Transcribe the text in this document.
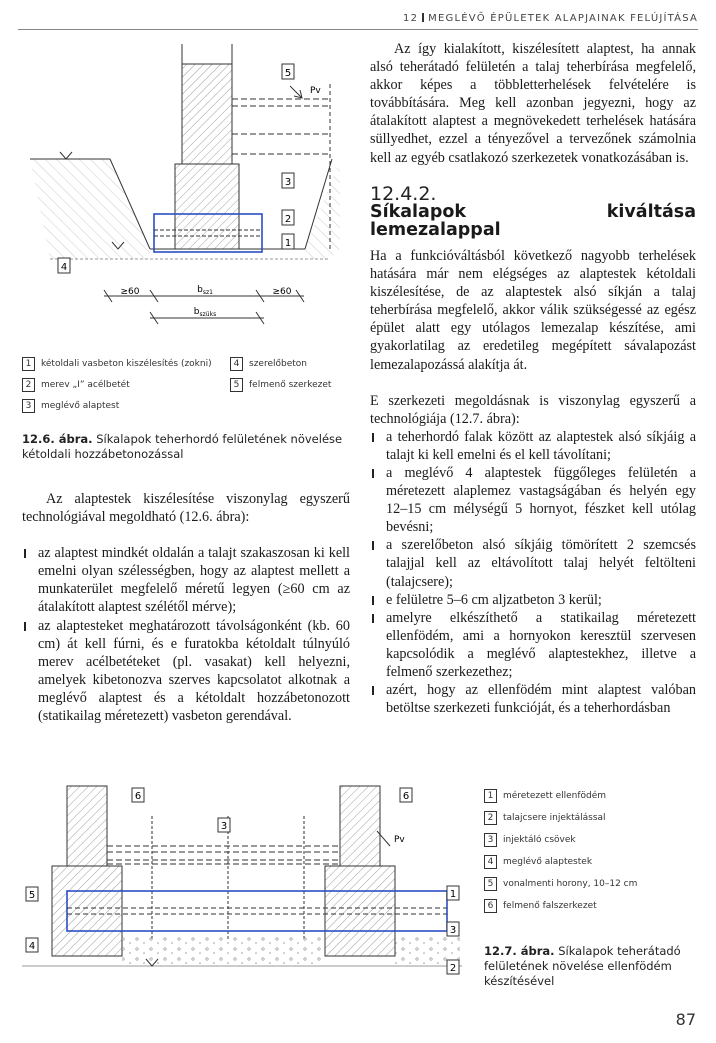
12 MEGLÉVŐ ÉPÜLETEK ALAPJAINAK FELÚJÍTÁSA
5
Pv
3
2
1
4
≥60	$b_{sz1}$	≥60
$b_{szüks}$
1	kétoldali vasbeton kiszélesítés (zokni)
2	merev „I” acélbetét
3	meglévő alaptest
4	szerelőbeton
5	felmenő szerkezet
12.6. ábra. Síkalapok teherhordó felületének növelése kétoldali hozzábetonozással

Az alaptestek kiszélesítése viszonylag egyszerű technológiával megoldható (12.6. ábra):

az alaptest mindkét oldalán a talajt szakaszosan ki kell emelni olyan szélességben, hogy az alaptest mellett a munkaterület megfelelő méretű legyen (≥60 cm az átalakított alaptest szélétől mérve);
az alaptesteket meghatározott távolságonként (kb. 60 cm) át kell fúrni, és e furatokba kétoldalt túlnyúló merev acélbetéteket (pl. vasakat) kell helyezni, amelyek kibetonozva szerves kapcsolatot alkotnak a meglévő alaptest és a kétoldalt hozzábetonozott (statikailag méretezett) vasbeton gerendával.

Az így kialakított, kiszélesített alaptest, ha annak alsó teherátadó felületén a talaj teherbírása megfelelő, akkor képes a többletterhelések felvételére is továbbítására. Meg kell azonban jegyezni, hogy az átalakított alaptest a megnövekedett terhelések hatására süllyedhet, ezzel a tényezővel a tervezőnek számolnia kell az egyéb csatlakozó szerkezetek vonatkozásában is.

12.4.2.
Síkalapok kiváltása lemezalappal

Ha a funkcióváltásból következő nagyobb terhelések hatására már nem elégséges az alaptestek kétoldali kiszélesítése, de az alaptestek alsó síkján a talaj teherbírása megfelelő, akkor válik szükségessé az egész épület alatt egy utólagos lemezalap készítése, ami gyakorlatilag az eredetileg megépített sávalapozást lemezalapozássá alakítja át.

E szerkezeti megoldásnak is viszonylag egyszerű a technológiája (12.7. ábra):

a teherhordó falak között az alaptestek alsó síkjáig a talajt ki kell emelni és el kell távolítani;
a meglévő 4 alaptestek függőleges felületén a méretezett alaplemez vastagságában és helyén egy 12–15 cm mélységű 5 hornyot, fészket kell utólag bevésni;
a szerelőbeton alsó síkjáig tömörített 2 szemcsés talajjal kell az eltávolított talaj helyét feltölteni (talajcsere);
e felületre 5–6 cm aljzatbeton 3 kerül;
amelyre elkészíthető a statikailag méretezett ellenfödém, ami a hornyokon keresztül szervesen kapcsolódik a meglévő alaptestekhez, illetve a felmenő szerkezethez;
azért, hogy az ellenfödém mint alaptest valóban betöltse szerkezeti funkcióját, és a teherhordásban
6	6
3
Pv
5	1
4
3
2
1	méretezett ellenfödém
2	talajcsere injektálással
3	injektáló csövek
4	meglévő alaptestek
5	vonalmenti horony, 10–12 cm
6	felmenő falszerkezet
12.7. ábra. Síkalapok teherátadó felületének növelése ellenfödém készítésével
87
